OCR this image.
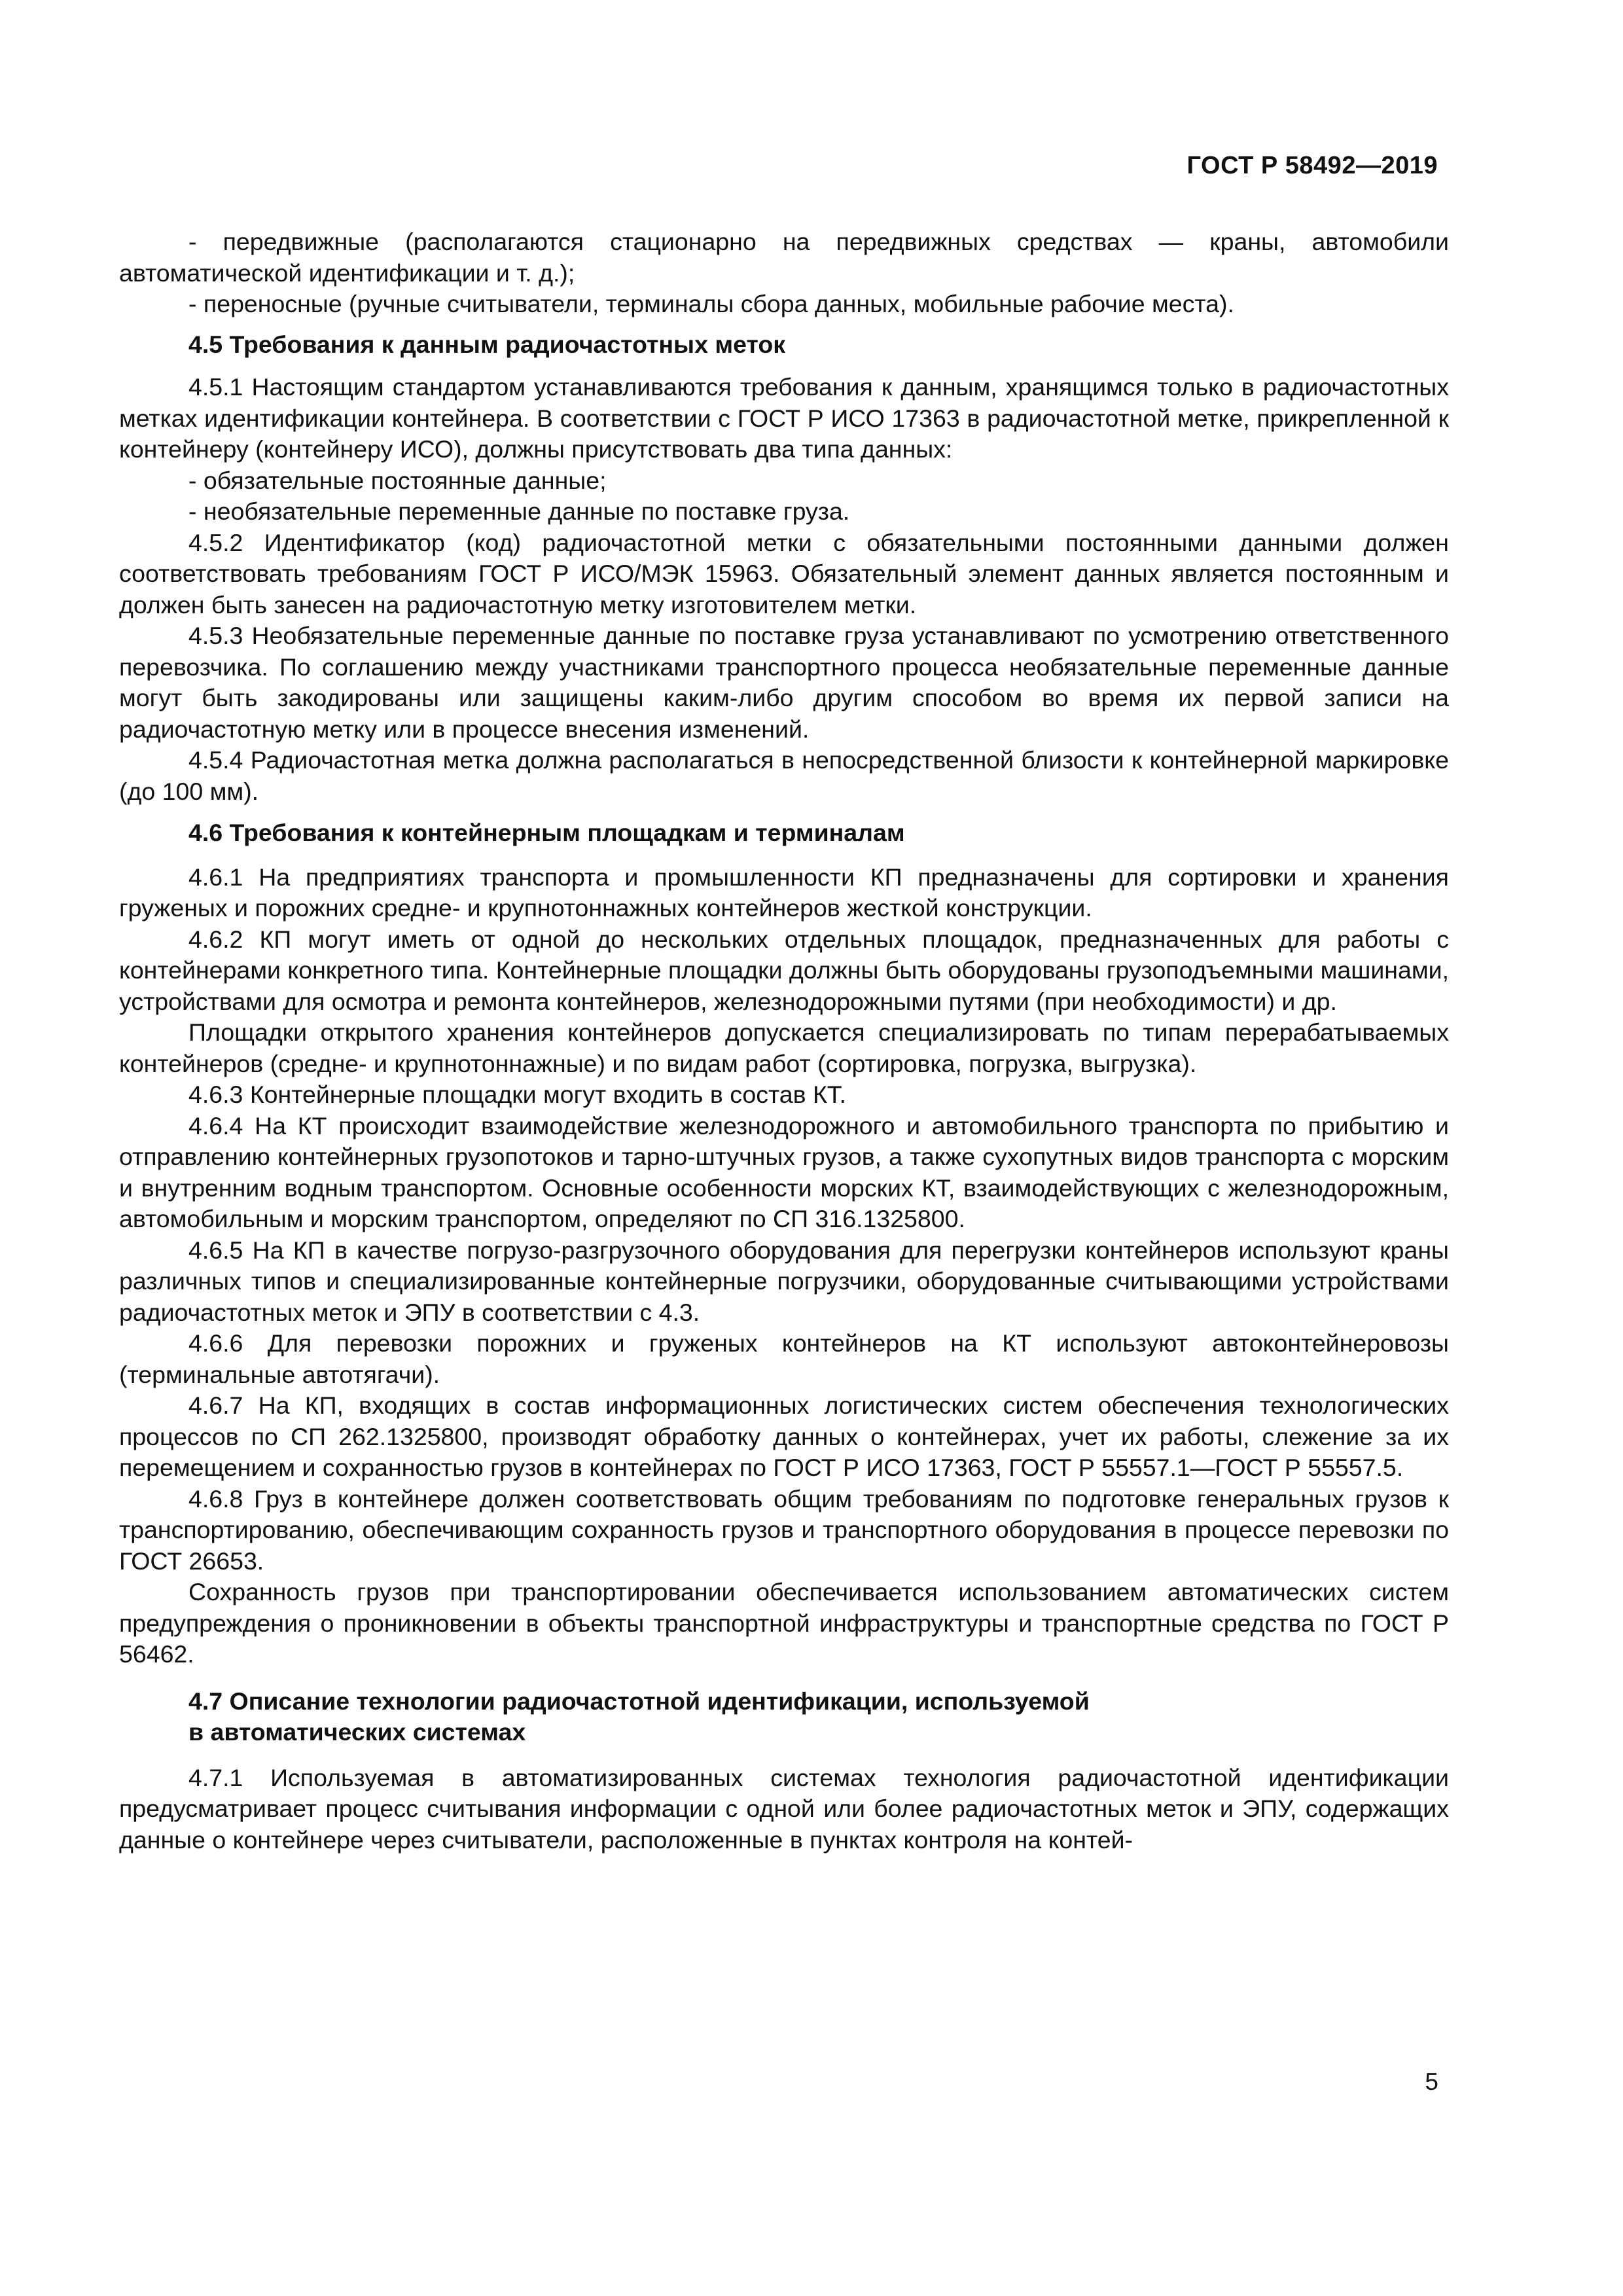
ГОСТ Р 58492—2019

- передвижные (располагаются стационарно на передвижных средствах — краны, автомобили автоматической идентификации и т. д.);

- переносные (ручные считыватели, терминалы сбора данных, мобильные рабочие места).

4.5 Требования к данным радиочастотных меток

4.5.1 Настоящим стандартом устанавливаются требования к данным, хранящимся только в радиочастотных метках идентификации контейнера. В соответствии с ГОСТ Р ИСО 17363 в радиочастотной метке, прикрепленной к контейнеру (контейнеру ИСО), должны присутствовать два типа данных:

- обязательные постоянные данные;

- необязательные переменные данные по поставке груза.

4.5.2 Идентификатор (код) радиочастотной метки с обязательными постоянными данными должен соответствовать требованиям ГОСТ Р ИСО/МЭК 15963. Обязательный элемент данных является постоянным и должен быть занесен на радиочастотную метку изготовителем метки.

4.5.3 Необязательные переменные данные по поставке груза устанавливают по усмотрению ответственного перевозчика. По соглашению между участниками транспортного процесса необязательные переменные данные могут быть закодированы или защищены каким-либо другим способом во время их первой записи на радиочастотную метку или в процессе внесения изменений.

4.5.4 Радиочастотная метка должна располагаться в непосредственной близости к контейнерной маркировке (до 100 мм).

4.6 Требования к контейнерным площадкам и терминалам

4.6.1 На предприятиях транспорта и промышленности КП предназначены для сортировки и хранения груженых и порожних средне- и крупнотоннажных контейнеров жесткой конструкции.

4.6.2 КП могут иметь от одной до нескольких отдельных площадок, предназначенных для работы с контейнерами конкретного типа. Контейнерные площадки должны быть оборудованы грузоподъемными машинами, устройствами для осмотра и ремонта контейнеров, железнодорожными путями (при необходимости) и др.

Площадки открытого хранения контейнеров допускается специализировать по типам перерабатываемых контейнеров (средне- и крупнотоннажные) и по видам работ (сортировка, погрузка, выгрузка).

4.6.3 Контейнерные площадки могут входить в состав КТ.

4.6.4 На КТ происходит взаимодействие железнодорожного и автомобильного транспорта по прибытию и отправлению контейнерных грузопотоков и тарно-штучных грузов, а также сухопутных видов транспорта с морским и внутренним водным транспортом. Основные особенности морских КТ, взаимодействующих с железнодорожным, автомобильным и морским транспортом, определяют по СП 316.1325800.

4.6.5 На КП в качестве погрузо-разгрузочного оборудования для перегрузки контейнеров используют краны различных типов и специализированные контейнерные погрузчики, оборудованные считывающими устройствами радиочастотных меток и ЭПУ в соответствии с 4.3.

4.6.6 Для перевозки порожних и груженых контейнеров на КТ используют автоконтейнеровозы (терминальные автотягачи).

4.6.7 На КП, входящих в состав информационных логистических систем обеспечения технологических процессов по СП 262.1325800, производят обработку данных о контейнерах, учет их работы, слежение за их перемещением и сохранностью грузов в контейнерах по ГОСТ Р ИСО 17363, ГОСТ Р 55557.1—ГОСТ Р 55557.5.

4.6.8 Груз в контейнере должен соответствовать общим требованиям по подготовке генеральных грузов к транспортированию, обеспечивающим сохранность грузов и транспортного оборудования в процессе перевозки по ГОСТ 26653.

Сохранность грузов при транспортировании обеспечивается использованием автоматических систем предупреждения о проникновении в объекты транспортной инфраструктуры и транспортные средства по ГОСТ Р 56462.

4.7 Описание технологии радиочастотной идентификации, используемой
в автоматических системах

4.7.1 Используемая в автоматизированных системах технология радиочастотной идентификации предусматривает процесс считывания информации с одной или более радиочастотных меток и ЭПУ, содержащих данные о контейнере через считыватели, расположенные в пунктах контроля на контей-

5
